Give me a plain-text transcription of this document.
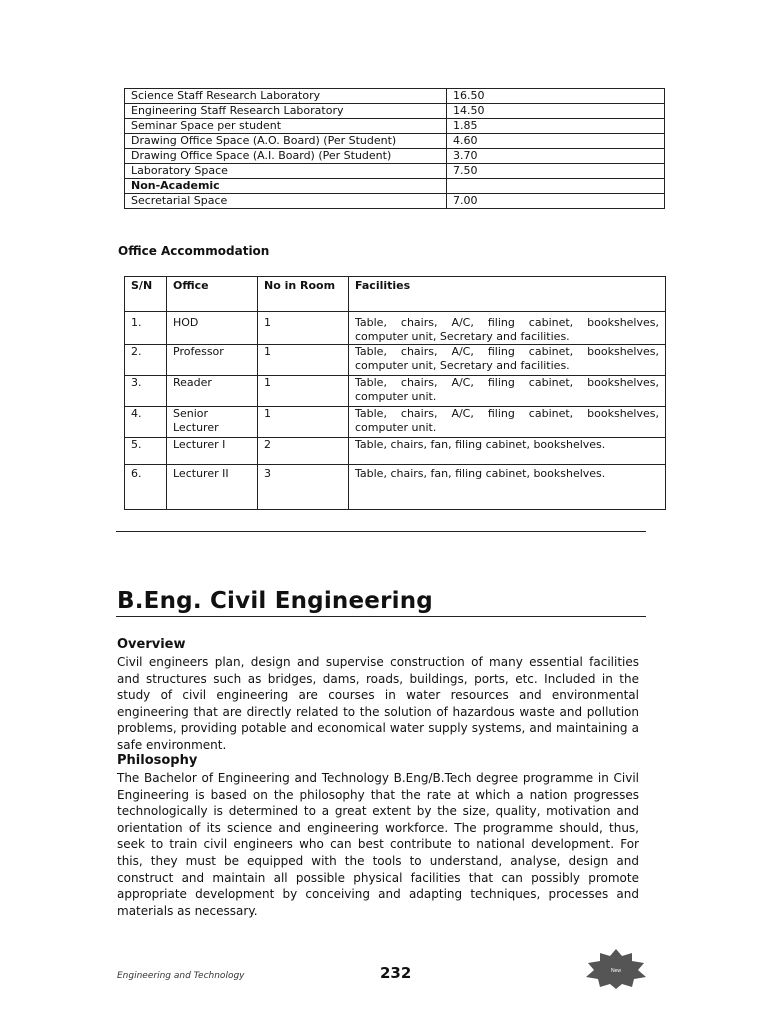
Science Staff Research Laboratory	16.50
Engineering Staff Research Laboratory	14.50
Seminar Space per student	1.85
Drawing Office Space (A.O. Board) (Per Student)	4.60
Drawing Office Space (A.I. Board) (Per Student)	3.70
Laboratory Space	7.50
Non-Academic	
Secretarial Space	7.00
Office Accommodation
S/N	Office	No in Room	Facilities
1.	HOD	1	Table, chairs, A/C, filing cabinet, bookshelves, computer unit, Secretary and facilities.
2.	Professor	1	Table, chairs, A/C, filing cabinet, bookshelves, computer unit, Secretary and facilities.
3.	Reader	1	Table, chairs, A/C, filing cabinet, bookshelves, computer unit.
4.	Senior Lecturer	1	Table, chairs, A/C, filing cabinet, bookshelves, computer unit.
5.	Lecturer I	2	Table, chairs, fan, filing cabinet, bookshelves.
6.	Lecturer II	3	Table, chairs, fan, filing cabinet, bookshelves.
B.Eng. Civil Engineering
Overview

Civil engineers plan, design and supervise construction of many essential facilities and structures such as bridges, dams, roads, buildings, ports, etc. Included in the study of civil engineering are courses in water resources and environmental engineering that are directly related to the solution of hazardous waste and pollution problems, providing potable and economical water supply systems, and maintaining a safe environment.

Philosophy

The Bachelor of Engineering and Technology B.Eng/B.Tech degree programme in Civil Engineering is based on the philosophy that the rate at which a nation progresses technologically is determined to a great extent by the size, quality, motivation and orientation of its science and engineering workforce. The programme should, thus, seek to train civil engineers who can best contribute to national development. For this, they must be equipped with the tools to understand, analyse, design and construct and maintain all possible physical facilities that can possibly promote appropriate development by conceiving and adapting techniques, processes and materials as necessary.

Engineering and Technology	232	New
